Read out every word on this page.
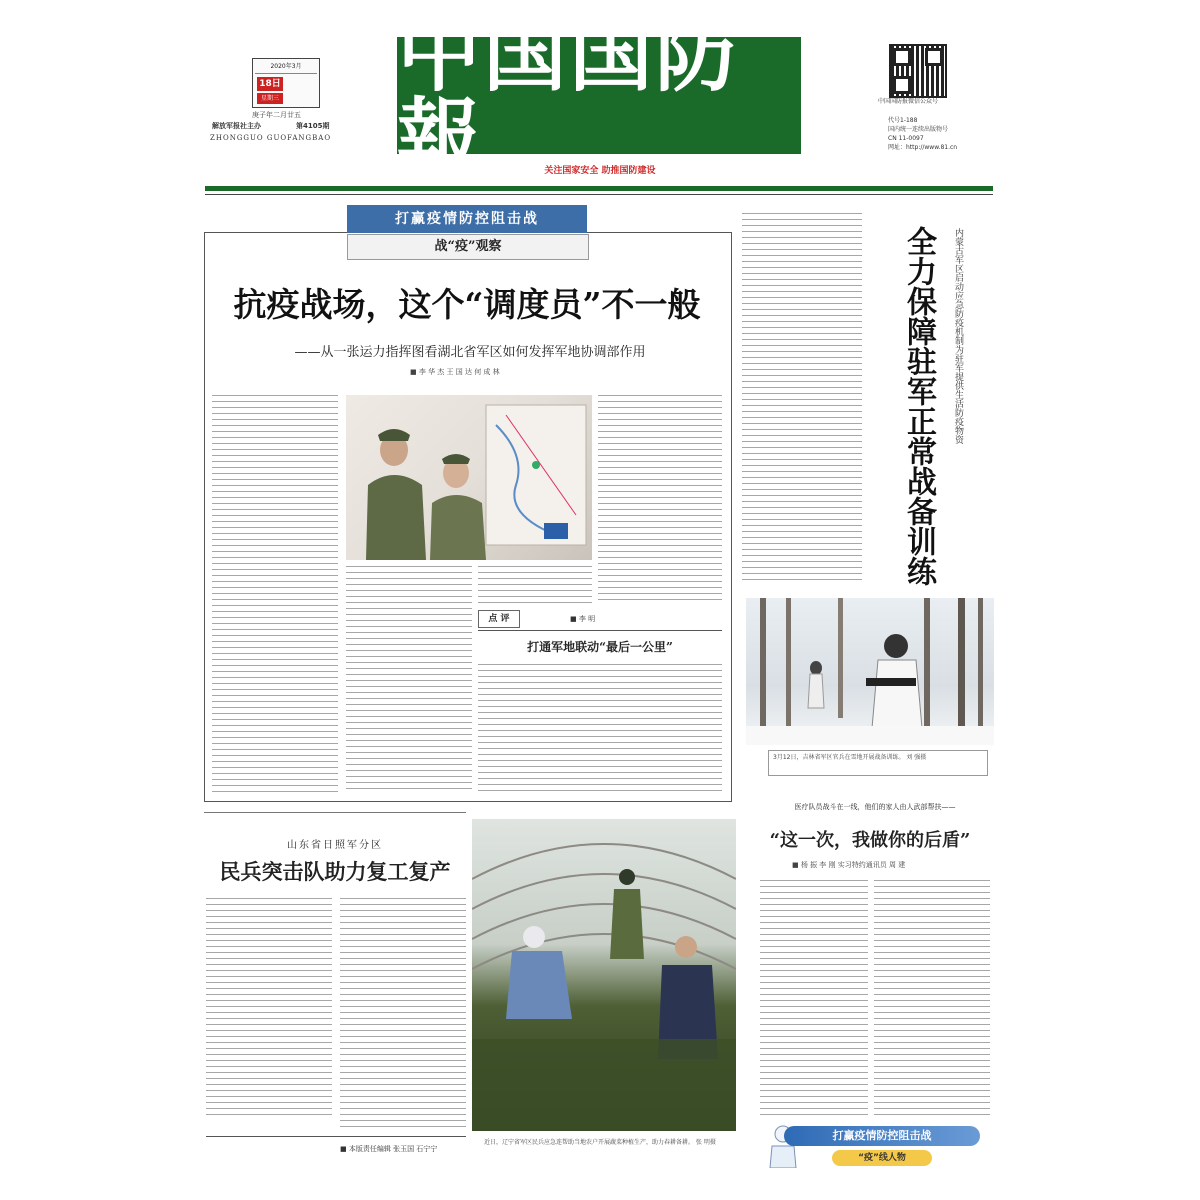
2020年3月
18日
星期三
庚子年二月廿五
解放军报社主办	第4105期
ZHONGGUO GUOFANGBAO
中国国防報	关注国家安全 助推国防建设
中国国防报微信公众号
代号1-188
国内统一连续出版物号
CN 11-0097
网址：http://www.81.cn
打赢疫情防控阻击战
战“疫”观察
抗疫战场，这个“调度员”不一般
——从一张运力指挥图看湖北省军区如何发挥军地协调部作用
■ 李 华 杰 王 国 达 何 成 林
点 评	■ 李 明
打通军地联动“最后一公里”
全力保障驻军正常战备训练 内蒙古军区启动应急防疫机制为驻军提供生活防疫物资
3月12日，吉林省军区官兵在雪地开展战备训练。 刘 强摄
山东省日照军分区
民兵突击队助力复工复产
■ 本版责任编辑 张玉国 石宁宁
近日，辽宁省军区民兵应急连帮助当地农户开展蔬菜种植生产，助力春耕备耕。 张 明摄
医疗队员战斗在一线，他们的家人由人武部帮扶——
“这一次，我做你的后盾”
■ 杨 振 李 刚 实习特约通讯员 周 建
打赢疫情防控阻击战
“疫”线人物
